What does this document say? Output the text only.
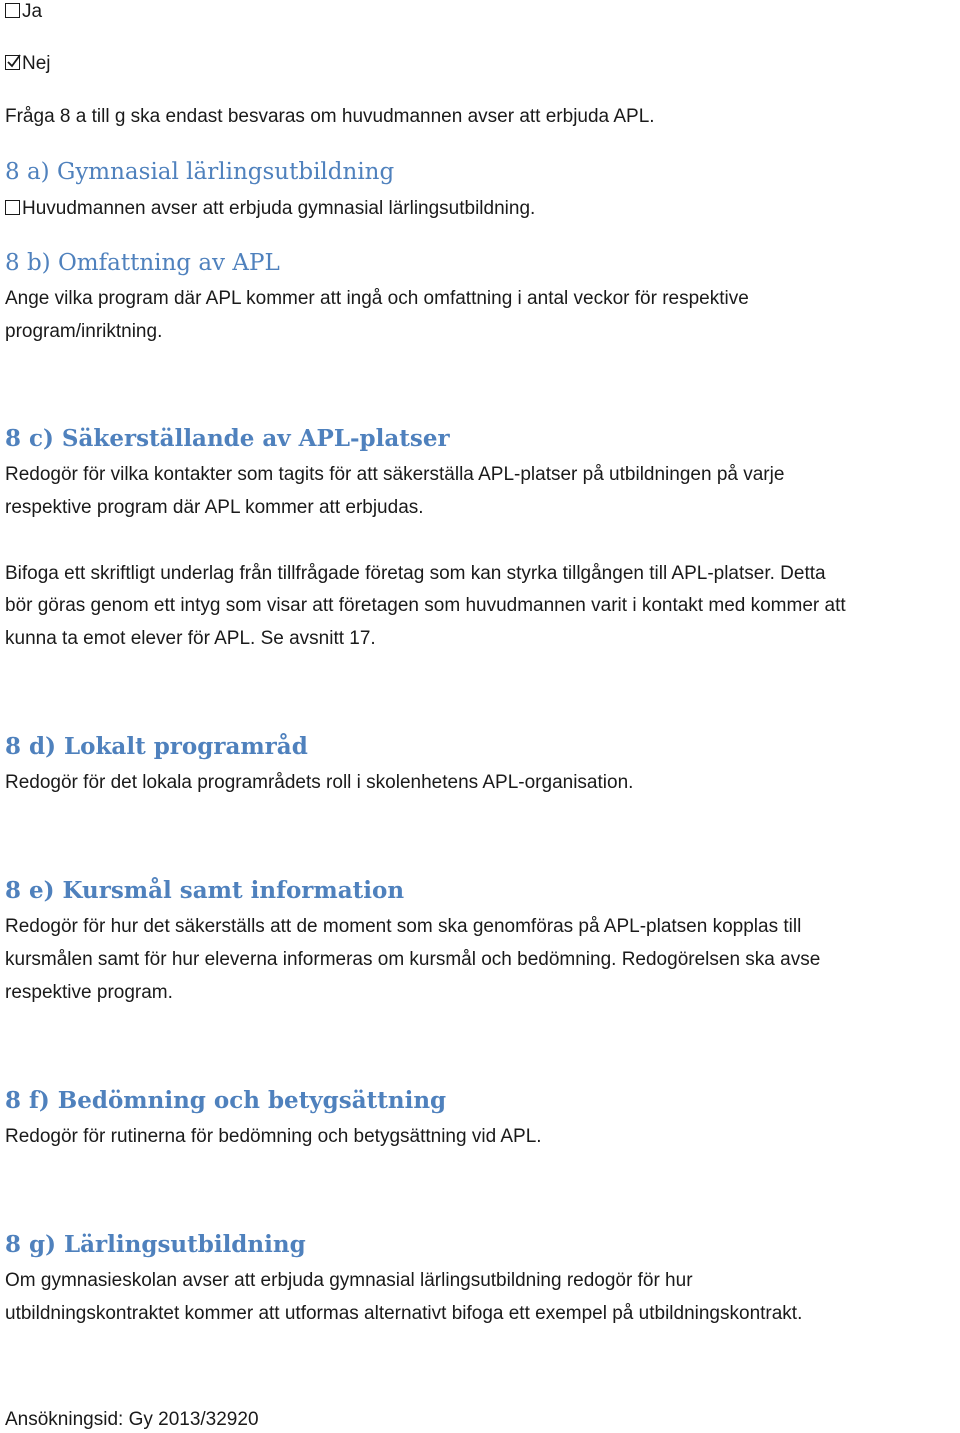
Ja
Nej

Fråga 8 a till g ska endast besvaras om huvudmannen avser att erbjuda APL.

8 a) Gymnasial lärlingsutbildning
Huvudmannen avser att erbjuda gymnasial lärlingsutbildning.
8 b) Omfattning av APL

Ange vilka program där APL kommer att ingå och omfattning i antal veckor för respektive

program/inriktning.

8 c) Säkerställande av APL-platser

Redogör för vilka kontakter som tagits för att säkerställa APL-platser på utbildningen på varje

respektive program där APL kommer att erbjudas.

Bifoga ett skriftligt underlag från tillfrågade företag som kan styrka tillgången till APL-platser. Detta

bör göras genom ett intyg som visar att företagen som huvudmannen varit i kontakt med kommer att

kunna ta emot elever för APL. Se avsnitt 17.

8 d) Lokalt programråd

Redogör för det lokala programrådets roll i skolenhetens APL-organisation.

8 e) Kursmål samt information

Redogör för hur det säkerställs att de moment som ska genomföras på APL-platsen kopplas till

kursmålen samt för hur eleverna informeras om kursmål och bedömning. Redogörelsen ska avse

respektive program.

8 f) Bedömning och betygsättning

Redogör för rutinerna för bedömning och betygsättning vid APL.

8 g) Lärlingsutbildning

Om gymnasieskolan avser att erbjuda gymnasial lärlingsutbildning redogör för hur

utbildningskontraktet kommer att utformas alternativt bifoga ett exempel på utbildningskontrakt.

Ansökningsid: Gy 2013/32920
